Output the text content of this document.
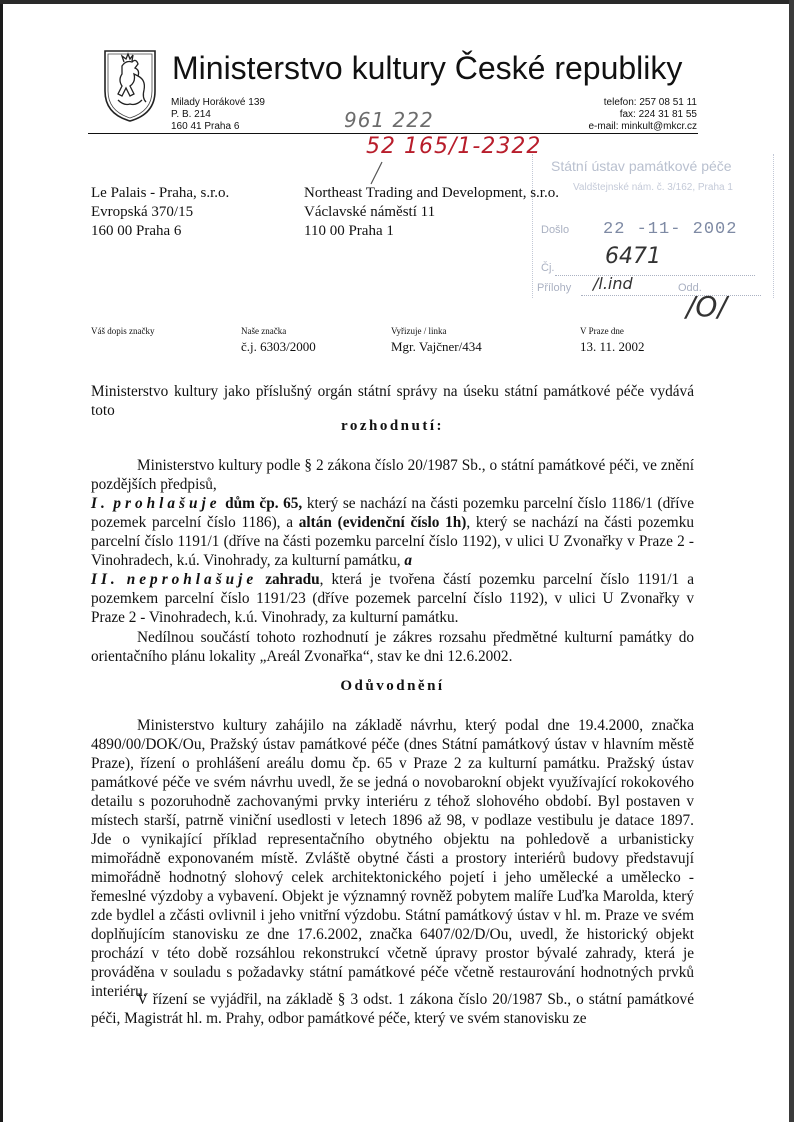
Ministerstvo kultury České republiky
Milady Horákové 139
P. B. 214
160 41 Praha 6
telefon: 257 08 51 11
fax: 224 31 81 55
e-mail: minkult@mkcr.cz
961 222
52 165/1-2322
Státní ústav památkové péče
Valdštejnské nám. č. 3/162, Praha 1
Došlo 22 -11- 2002
Čj. 6471
Přílohy /l.ind	Odd.
/O/
Le Palais - Praha, s.r.o.
Evropská 370/15
160 00 Praha 6
Northeast Trading and Development, s.r.o.
Václavské náměstí 11
110 00 Praha 1
Váš dopis značky	Naše značka
č.j. 6303/2000
Vyřizuje / linka
Mgr. Vajčner/434
V Praze dne
13. 11. 2002

Ministerstvo kultury jako příslušný orgán státní správy na úseku státní památkové péče vydává toto

rozhodnutí:

Ministerstvo kultury podle § 2 zákona číslo 20/1987 Sb., o státní památkové péči, ve znění pozdějších předpisů,

I. prohlašuje dům čp. 65, který se nachází na části pozemku parcelní číslo 1186/1 (dříve pozemek parcelní číslo 1186), a altán (evidenční číslo 1h), který se nachází na části pozemku parcelní číslo 1191/1 (dříve na části pozemku parcelní číslo 1192), v ulici U Zvonařky v Praze 2 - Vinohradech, k.ú. Vinohrady, za kulturní památku, a

II. neprohlašuje zahradu, která je tvořena částí pozemku parcelní číslo 1191/1 a pozemkem parcelní číslo 1191/23 (dříve pozemek parcelní číslo 1192), v ulici U Zvonařky v Praze 2 - Vinohradech, k.ú. Vinohrady, za kulturní památku.

Nedílnou součástí tohoto rozhodnutí je zákres rozsahu předmětné kulturní památky do orientačního plánu lokality „Areál Zvonařka“, stav ke dni 12.6.2002.

Odůvodnění

Ministerstvo kultury zahájilo na základě návrhu, který podal dne 19.4.2000, značka 4890/00/DOK/Ou, Pražský ústav památkové péče (dnes Státní památkový ústav v hlavním městě Praze), řízení o prohlášení areálu domu čp. 65 v Praze 2 za kulturní památku. Pražský ústav památkové péče ve svém návrhu uvedl, že se jedná o novobarokní objekt využívající rokokového detailu s pozoruhodně zachovanými prvky interiéru z téhož slohového období. Byl postaven v místech starší, patrně viniční usedlosti v letech 1896 až 98, v podlaze vestibulu je datace 1897. Jde o vynikající příklad representačního obytného objektu na pohledově a urbanisticky mimořádně exponovaném místě. Zvláště obytné části a prostory interiérů budovy představují mimořádně hodnotný slohový celek architektonického pojetí i jeho umělecké a umělecko - řemeslné výzdoby a vybavení. Objekt je významný rovněž pobytem malíře Luďka Marolda, který zde bydlel a zčásti ovlivnil i jeho vnitřní výzdobu. Státní památkový ústav v hl. m. Praze ve svém doplňujícím stanovisku ze dne 17.6.2002, značka 6407/02/D/Ou, uvedl, že historický objekt prochází v této době rozsáhlou rekonstrukcí včetně úpravy prostor bývalé zahrady, která je prováděna v souladu s požadavky státní památkové péče včetně restaurování hodnotných prvků interiéru.

V řízení se vyjádřil, na základě § 3 odst. 1 zákona číslo 20/1987 Sb., o státní památkové péči, Magistrát hl. m. Prahy, odbor památkové péče, který ve svém stanovisku ze
